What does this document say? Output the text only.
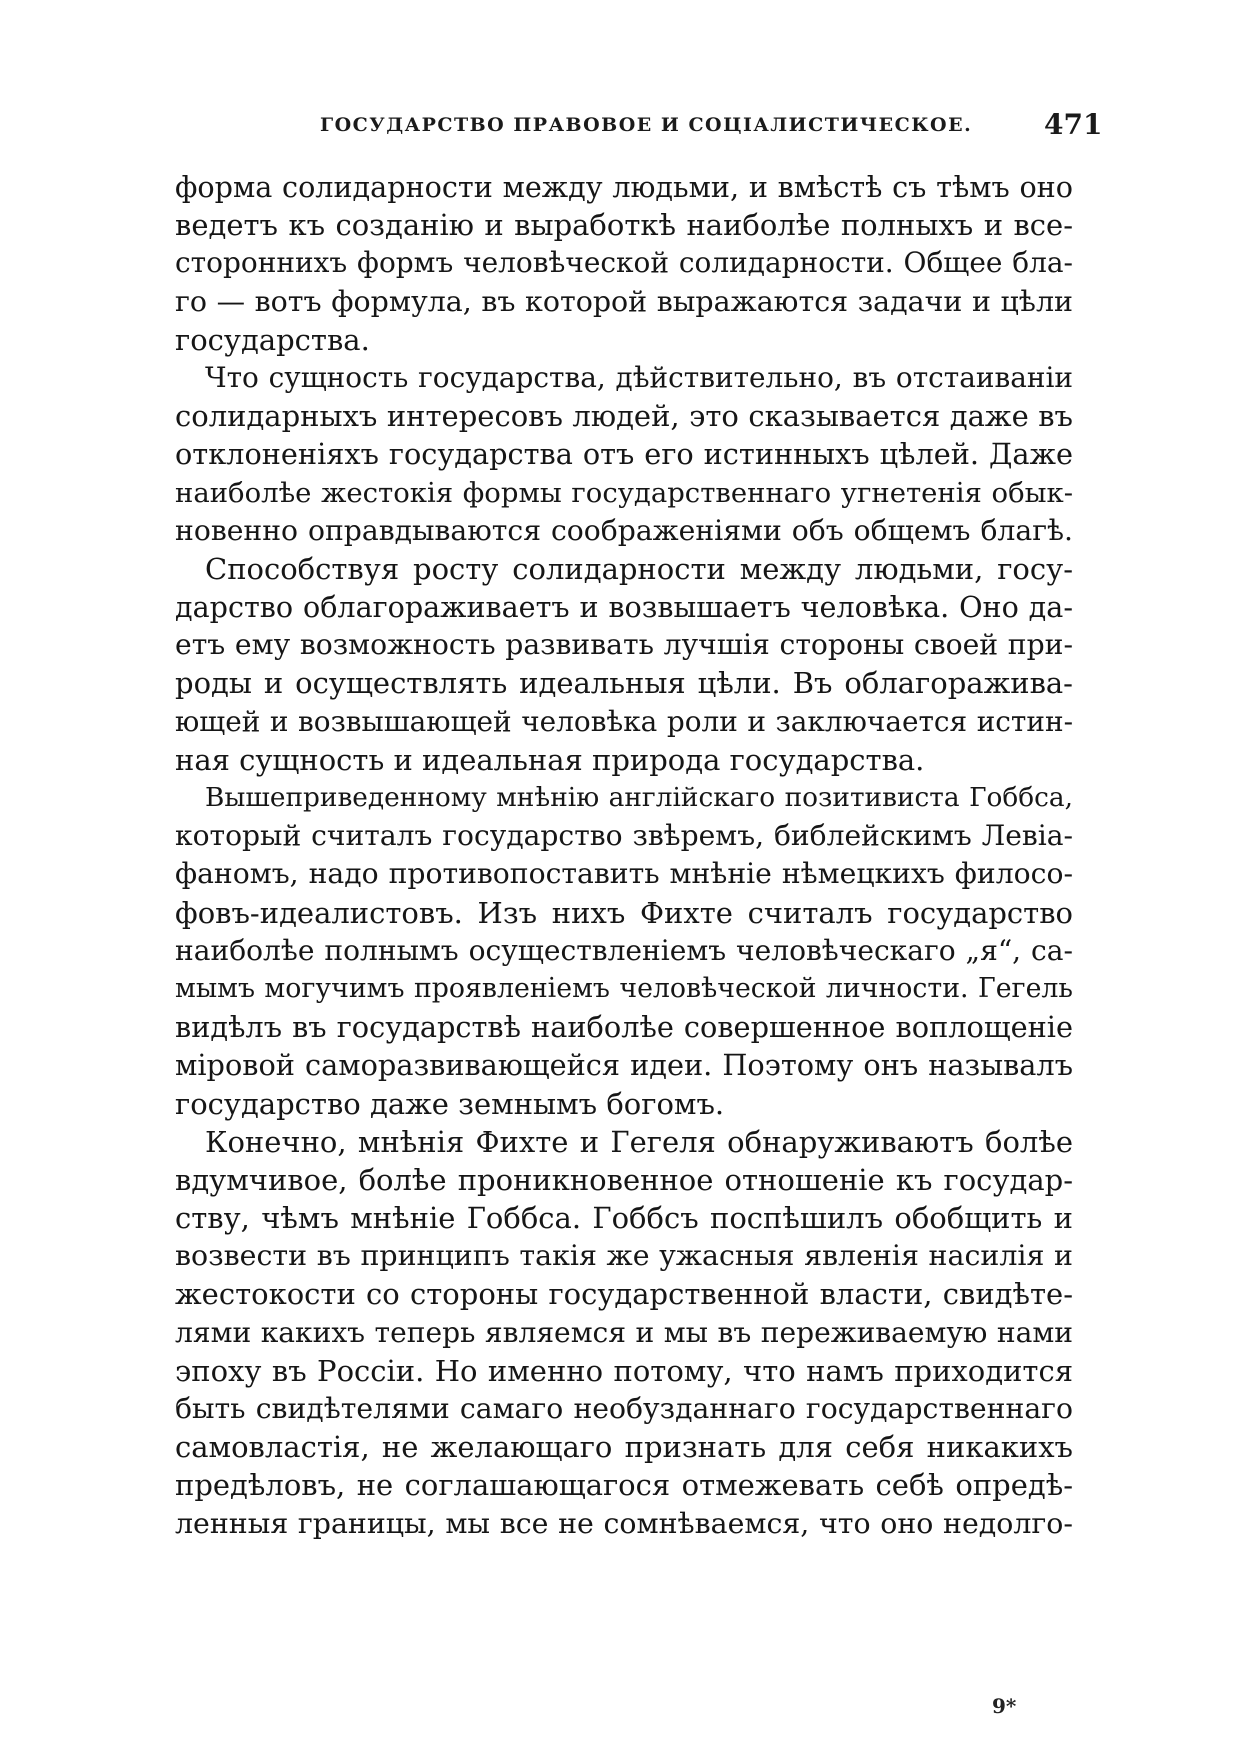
ГОСУДАРСТВО ПРАВОВОЕ И СОЦІАЛИСТИЧЕСКОЕ.	471
форма солидарности между людьми, и вмѣстѣ съ тѣмъ оно
ведетъ къ созданію и выработкѣ наиболѣе полныхъ и все-
стороннихъ формъ человѣческой солидарности. Общее бла-
го — вотъ формула, въ которой выражаются задачи и цѣли
государства.
Что сущность государства, дѣйствительно, въ отстаиваніи
солидарныхъ интересовъ людей, это сказывается даже въ
отклоненіяхъ государства отъ его истинныхъ цѣлей. Даже
наиболѣе жестокія формы государственнаго угнетенія обык-
новенно оправдываются соображеніями объ общемъ благѣ.
Способствуя росту солидарности между людьми, госу-
дарство облагораживаетъ и возвышаетъ человѣка. Оно да-
етъ ему возможность развивать лучшія стороны своей при-
роды и осуществлять идеальныя цѣли. Въ облагоражива-
ющей и возвышающей человѣка роли и заключается истин-
ная сущность и идеальная природа государства.
Вышеприведенному мнѣнію англійскаго позитивиста Гоббса,
который считалъ государство звѣремъ, библейскимъ Левіа-
фаномъ, надо противопоставить мнѣніе нѣмецкихъ филосо-
фовъ-идеалистовъ. Изъ нихъ Фихте считалъ государство
наиболѣе полнымъ осуществленіемъ человѣческаго „я“, са-
мымъ могучимъ проявленіемъ человѣческой личности. Гегель
видѣлъ въ государствѣ наиболѣе совершенное воплощеніе
міровой саморазвивающейся идеи. Поэтому онъ называлъ
государство даже земнымъ богомъ.
Конечно, мнѣнія Фихте и Гегеля обнаруживаютъ болѣе
вдумчивое, болѣе проникновенное отношеніе къ государ-
ству, чѣмъ мнѣніе Гоббса. Гоббсъ поспѣшилъ обобщить и
возвести въ принципъ такія же ужасныя явленія насилія и
жестокости со стороны государственной власти, свидѣте-
лями какихъ теперь являемся и мы въ переживаемую нами
эпоху въ Россіи. Но именно потому, что намъ приходится
быть свидѣтелями самаго необузданнаго государственнаго
самовластія, не желающаго признать для себя никакихъ
предѣловъ, не соглашающагося отмежевать себѣ опредѣ-
ленныя границы, мы все не сомнѣваемся, что оно недолго-
9*
